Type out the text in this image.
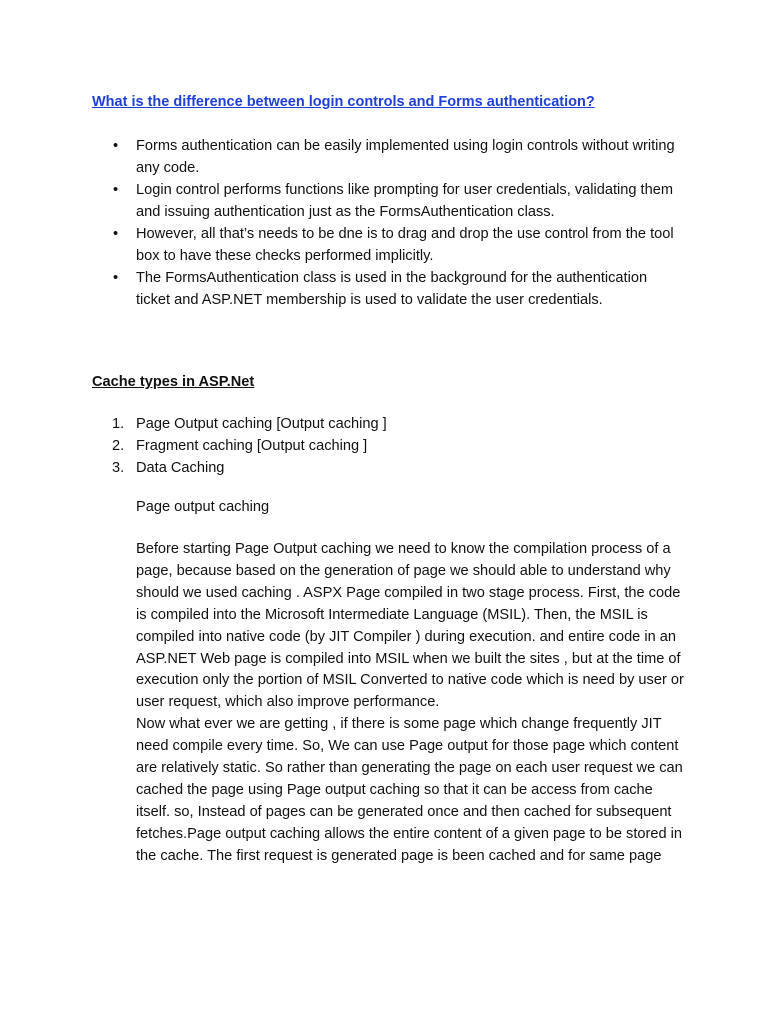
What is the difference between login controls and Forms authentication?
• Forms authentication can be easily implemented using login controls without writing any code.
• Login control performs functions like prompting for user credentials, validating them and issuing authentication just as the FormsAuthentication class.
• However, all that’s needs to be dne is to drag and drop the use control from the tool box to have these checks performed implicitly.
• The FormsAuthentication class is used in the background for the authentication ticket and ASP.NET membership is used to validate the user credentials.
Cache types in ASP.Net
1. Page Output caching [Output caching ]
2. Fragment caching [Output caching ]
3. Data Caching
Page output caching

Before starting Page Output caching we need to know the compilation process of a page, because based on the generation of page we should able to understand why should we used caching . ASPX Page compiled in two stage process. First, the code is compiled into the Microsoft Intermediate Language (MSIL). Then, the MSIL is compiled into native code (by JIT Compiler ) during execution. and entire code in an ASP.NET Web page is compiled into MSIL when we built the sites , but at the time of execution only the portion of MSIL Converted to native code which is need by user or user request, which also improve performance.

Now what ever we are getting , if there is some page which change frequently JIT need compile every time. So, We can use Page output for those page which content are relatively static. So rather than generating the page on each user request we can cached the page using Page output caching so that it can be access from cache itself. so, Instead of pages can be generated once and then cached for subsequent fetches.Page output caching allows the entire content of a given page to be stored in the cache. The first request is generated page is been cached and for same page
